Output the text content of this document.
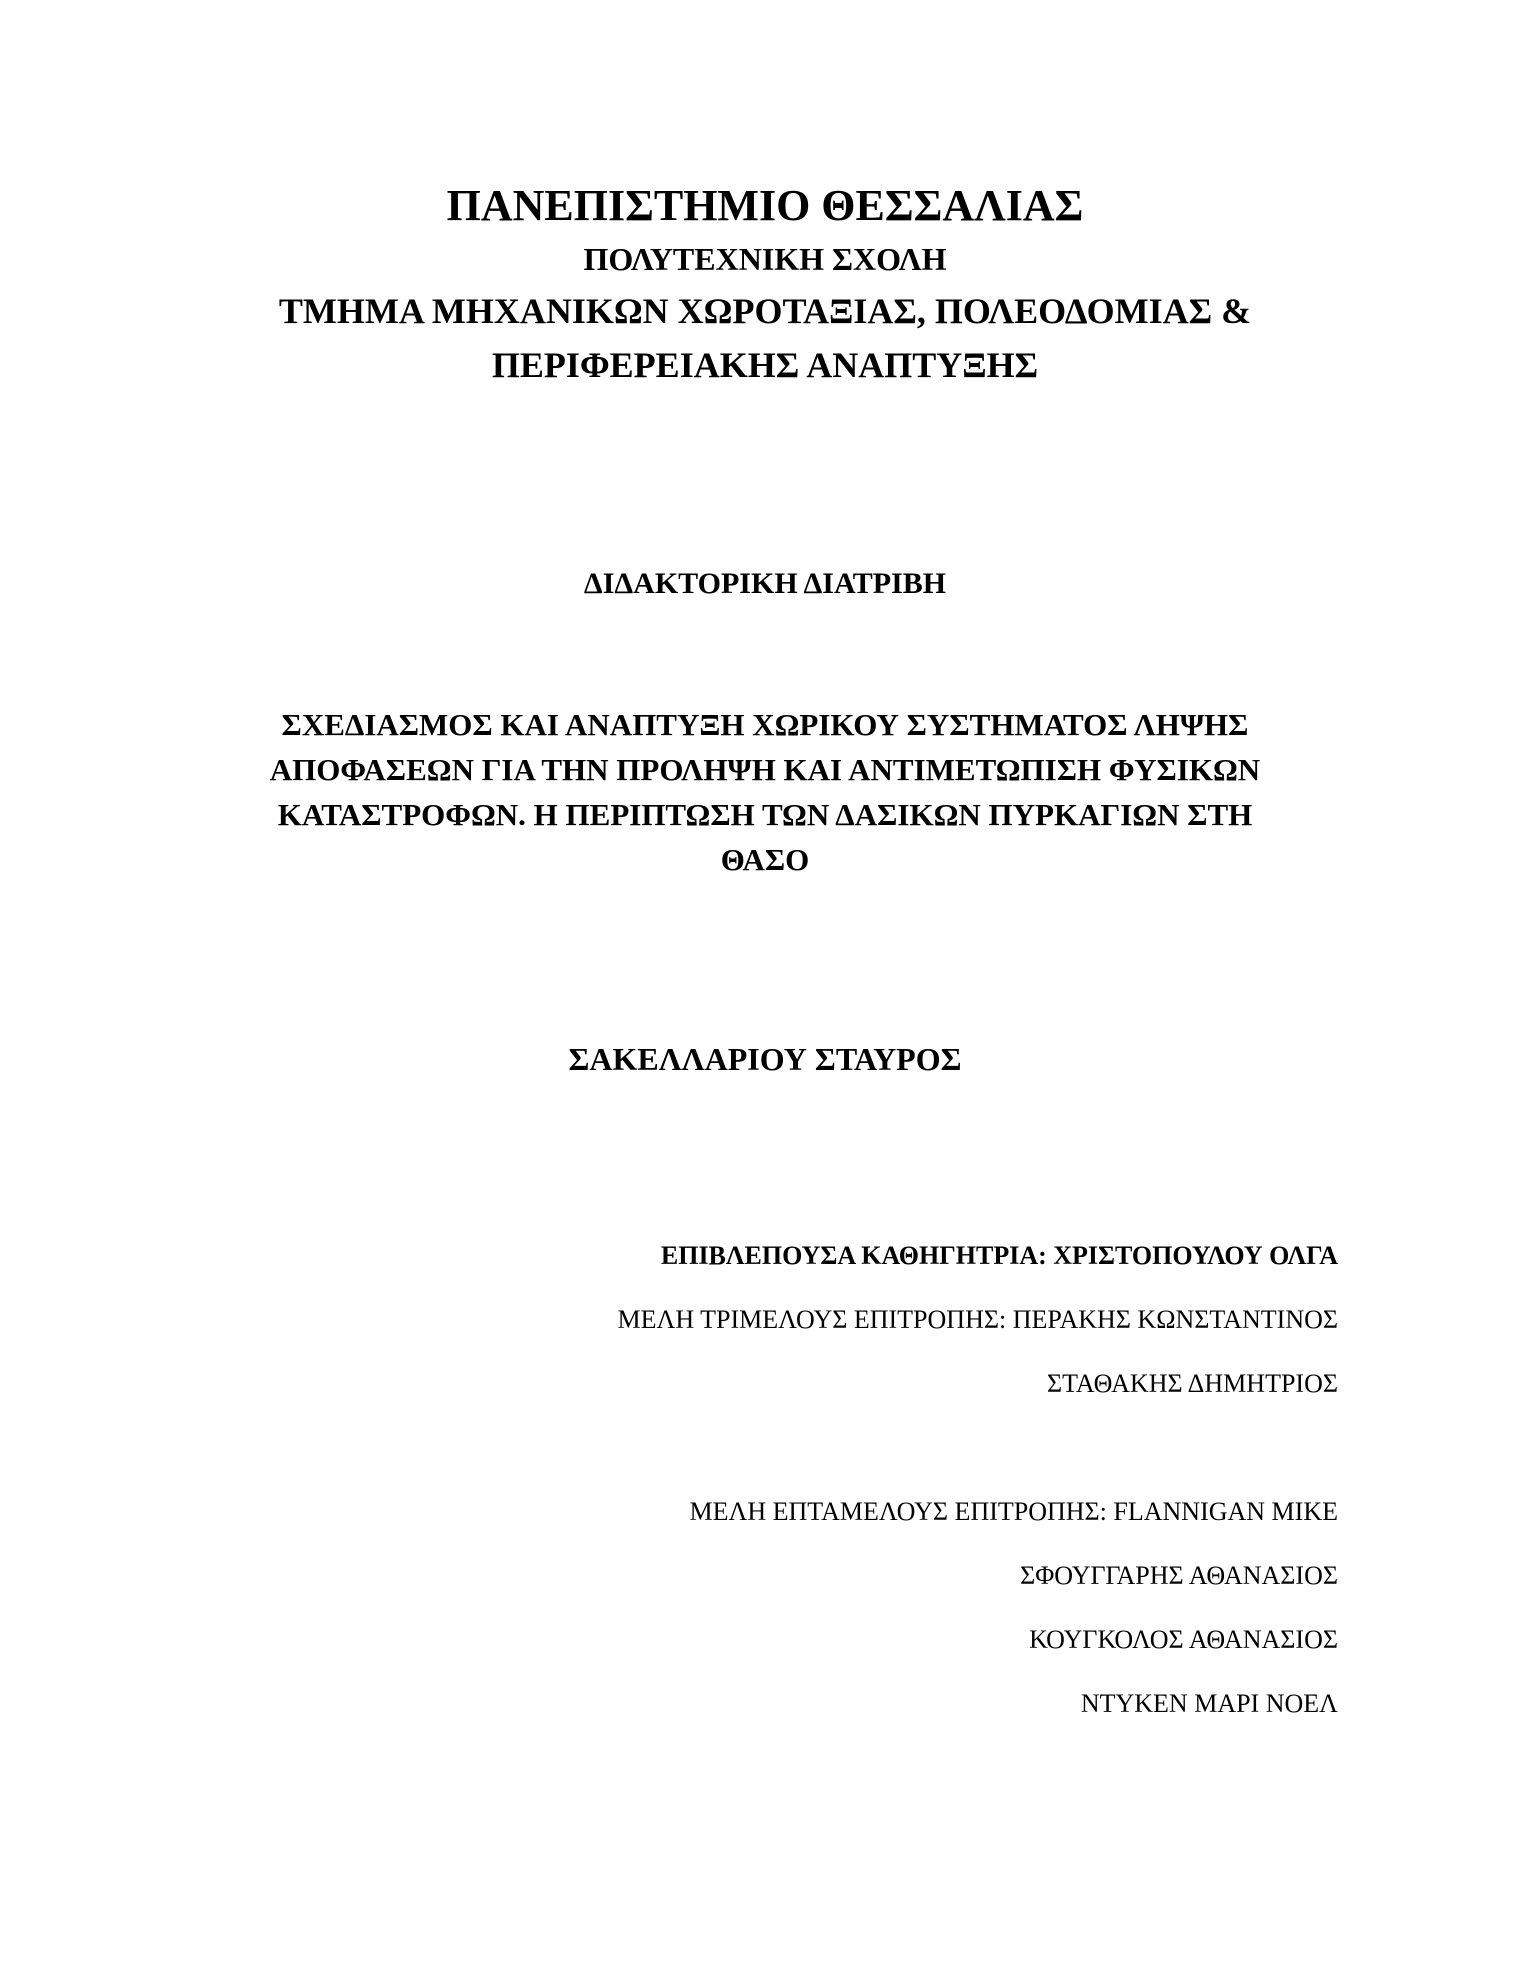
ΠΑΝΕΠΙΣΤΗΜΙΟ ΘΕΣΣΑΛΙΑΣ
ΠΟΛΥΤΕΧΝΙΚΗ ΣΧΟΛΗ
ΤΜΗΜΑ ΜΗΧΑΝΙΚΩΝ ΧΩΡΟΤΑΞΙΑΣ, ΠΟΛΕΟΔΟΜΙΑΣ &
ΠΕΡΙΦΕΡΕΙΑΚΗΣ ΑΝΑΠΤΥΞΗΣ
ΔΙΔΑΚΤΟΡΙΚΗ ΔΙΑΤΡΙΒΗ
ΣΧΕΔΙΑΣΜΟΣ ΚΑΙ ΑΝΑΠΤΥΞΗ ΧΩΡΙΚΟΥ ΣΥΣΤΗΜΑΤΟΣ ΛΗΨΗΣ
ΑΠΟΦΑΣΕΩΝ ΓΙΑ ΤΗΝ ΠΡΟΛΗΨΗ ΚΑΙ ΑΝΤΙΜΕΤΩΠΙΣΗ ΦΥΣΙΚΩΝ
ΚΑΤΑΣΤΡΟΦΩΝ. Η ΠΕΡΙΠΤΩΣΗ ΤΩΝ ΔΑΣΙΚΩΝ ΠΥΡΚΑΓΙΩΝ ΣΤΗ
ΘΑΣΟ
ΣΑΚΕΛΛΑΡΙΟΥ ΣΤΑΥΡΟΣ
ΕΠΙΒΛΕΠΟΥΣΑ ΚΑΘΗΓΗΤΡΙΑ: ΧΡΙΣΤΟΠΟΥΛΟΥ ΟΛΓΑ
ΜΕΛΗ ΤΡΙΜΕΛΟΥΣ ΕΠΙΤΡΟΠΗΣ: ΠΕΡΑΚΗΣ ΚΩΝΣΤΑΝΤΙΝΟΣ
ΣΤΑΘΑΚΗΣ ΔΗΜΗΤΡΙΟΣ
ΜΕΛΗ ΕΠΤΑΜΕΛΟΥΣ ΕΠΙΤΡΟΠΗΣ: FLANNIGAN MIKE
ΣΦΟΥΓΓΑΡΗΣ ΑΘΑΝΑΣΙΟΣ
ΚΟΥΓΚΟΛΟΣ ΑΘΑΝΑΣΙΟΣ
ΝΤΥΚΕΝ ΜΑΡΙ ΝΟΕΛ
